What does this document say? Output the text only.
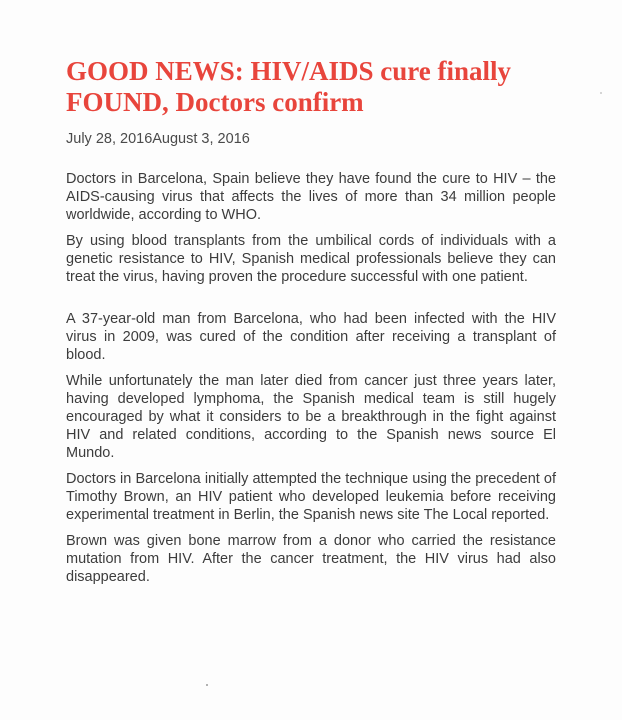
GOOD NEWS: HIV/AIDS cure finally FOUND, Doctors confirm
July 28, 2016August 3, 2016

Doctors in Barcelona, Spain believe they have found the cure to HIV – the AIDS-causing virus that affects the lives of more than 34 million people worldwide, according to WHO.

By using blood transplants from the umbilical cords of individuals with a genetic resistance to HIV, Spanish medical professionals believe they can treat the virus, having proven the procedure successful with one patient.

A 37-year-old man from Barcelona, who had been infected with the HIV virus in 2009, was cured of the condition after receiving a transplant of blood.

While unfortunately the man later died from cancer just three years later, having developed lymphoma, the Spanish medical team is still hugely encouraged by what it considers to be a breakthrough in the fight against HIV and related conditions, according to the Spanish news source El Mundo.

Doctors in Barcelona initially attempted the technique using the precedent of Timothy Brown, an HIV patient who developed leukemia before receiving experimental treatment in Berlin, the Spanish news site The Local reported.

Brown was given bone marrow from a donor who carried the resistance mutation from HIV. After the cancer treatment, the HIV virus had also disappeared.
